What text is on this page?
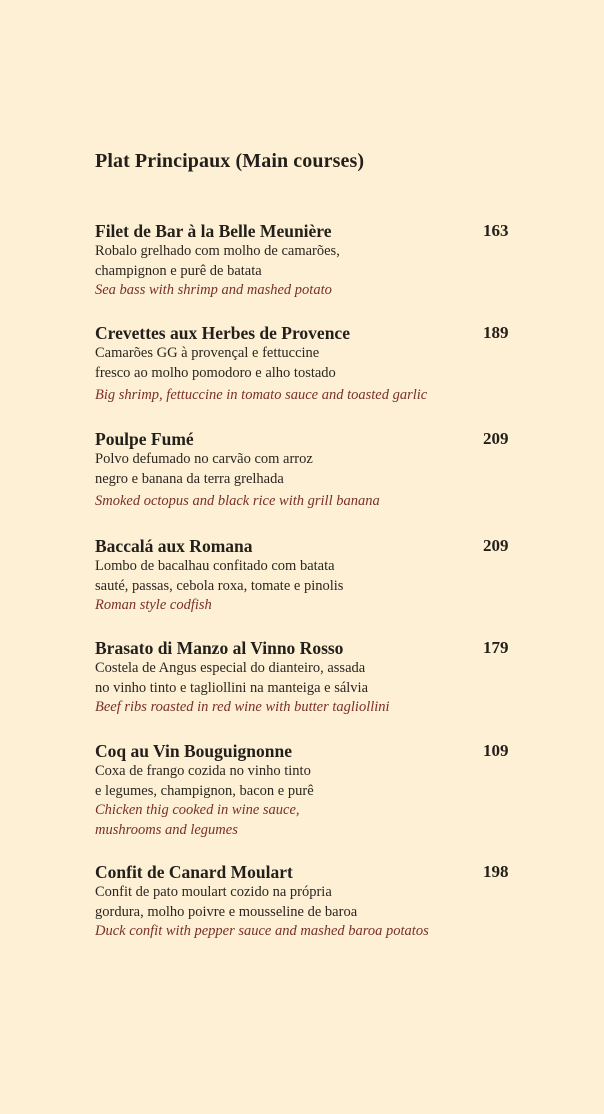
Plat Principaux (Main courses)
Filet de Bar à la Belle Meunière	163
Robalo grelhado com molho de camarões,
champignon e purê de batata
Sea bass with shrimp and mashed potato
Crevettes aux Herbes de Provence	189
Camarões GG à provençal e fettuccine
fresco ao molho pomodoro e alho tostado
Big shrimp, fettuccine in tomato sauce and toasted garlic
Poulpe Fumé	209
Polvo defumado no carvão com arroz
negro e banana da terra grelhada
Smoked octopus and black rice with grill banana
Baccalá aux Romana	209
Lombo de bacalhau confitado com batata
sauté, passas, cebola roxa, tomate e pinolis
Roman style codfish
Brasato di Manzo al Vinno Rosso	179
Costela de Angus especial do dianteiro, assada
no vinho tinto e tagliollini na manteiga e sálvia
Beef ribs roasted in red wine with butter tagliollini
Coq au Vin Bouguignonne	109
Coxa de frango cozida no vinho tinto
e legumes, champignon, bacon e purê
Chicken thig cooked in wine sauce,
mushrooms and legumes
Confit de Canard Moulart	198
Confit de pato moulart cozido na própria
gordura, molho poivre e mousseline de baroa
Duck confit with pepper sauce and mashed baroa potatos
